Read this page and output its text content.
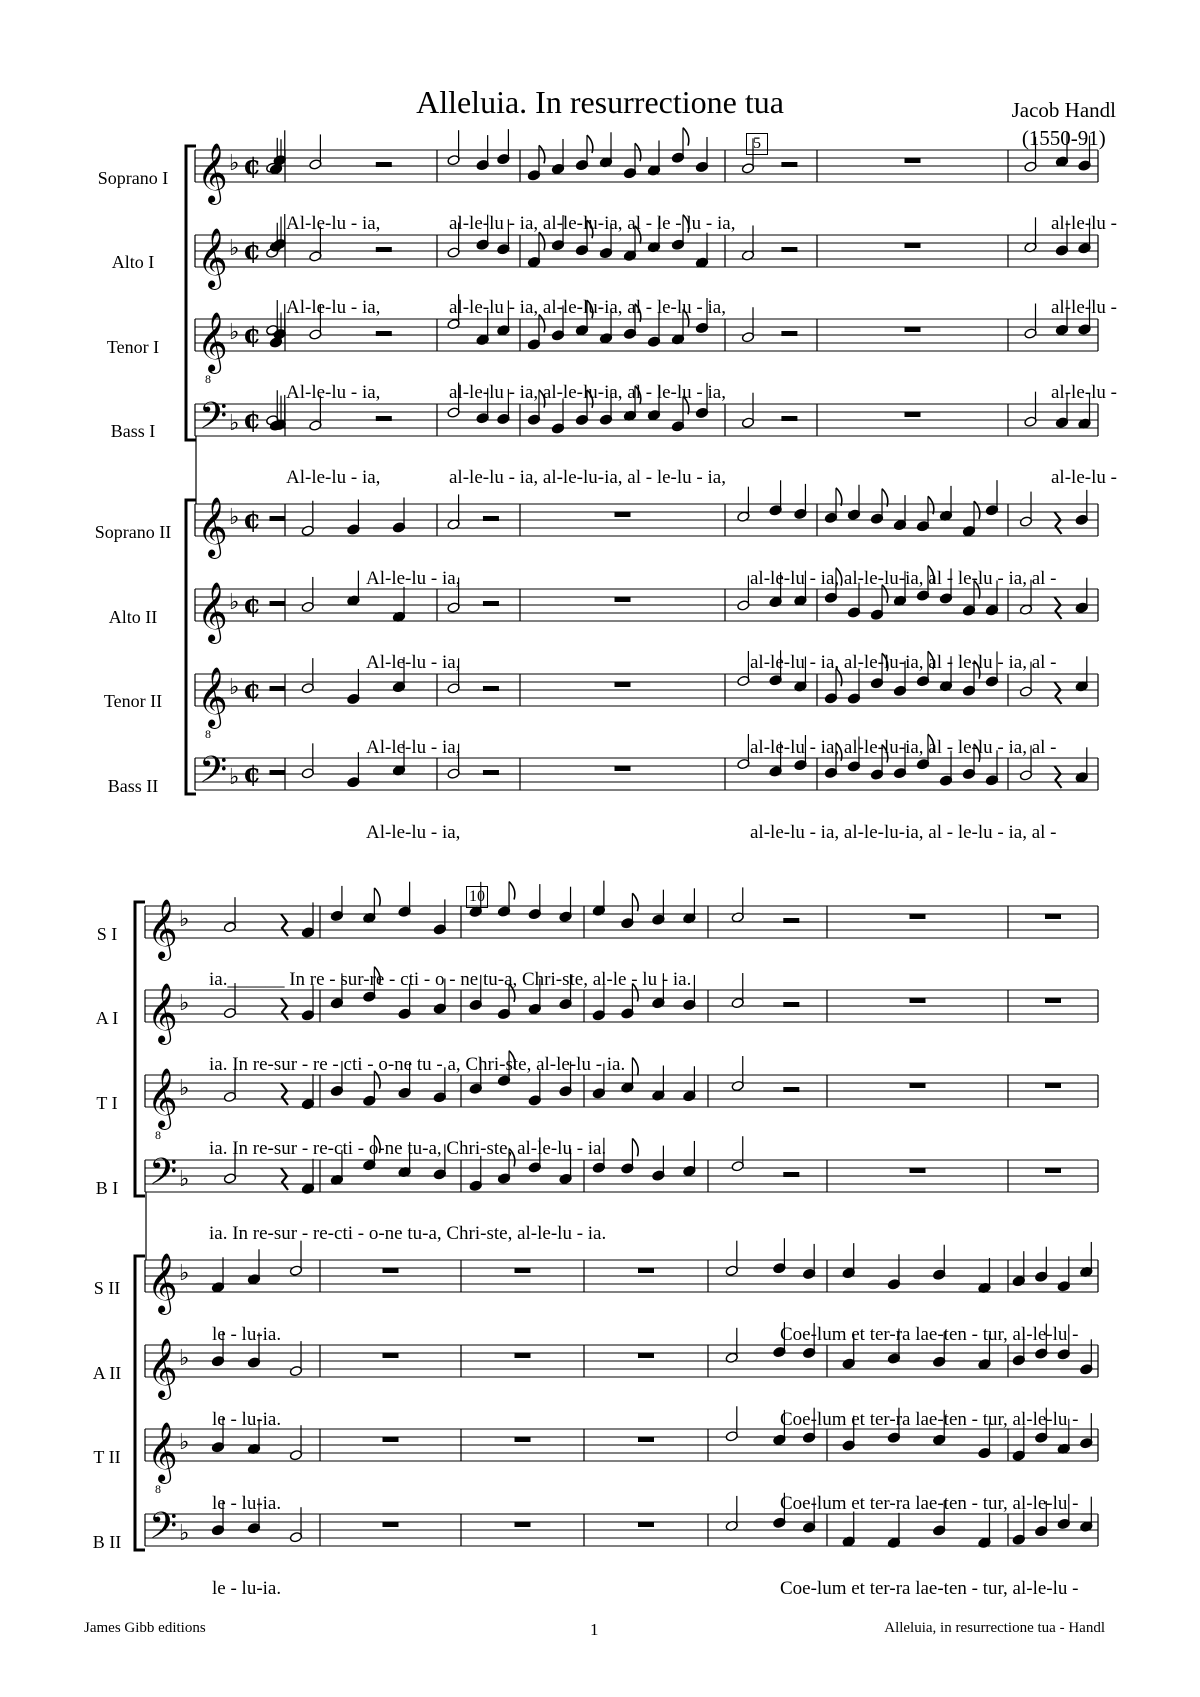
Alleluia. In resurrectione tua	Jacob Handl
(1550-91)
5
Soprano I
Alto I
Tenor I
Bass I
Soprano II
Alto II
Tenor II
Bass II
Al-le-lu - ia,	al-le-lu - ia, al-le-lu-ia, al - le - lu - ia,	al-le-lu -
Al-le-lu - ia,	al-le-lu - ia, al-le-lu-ia, al - le-lu - ia,	al-le-lu -
Al-le-lu - ia,	al-le-lu - ia, al-le-lu-ia, al - le-lu - ia,	al-le-lu -
Al-le-lu - ia,	al-le-lu - ia, al-le-lu-ia, al - le-lu - ia,	al-le-lu -
Al-le-lu - ia,	al-le-lu - ia, al-le-lu-ia, al - le-lu - ia, al -
Al-le-lu - ia,	al-le-lu - ia, al-le-lu-ia, al - le-lu - ia, al -
Al-le-lu - ia,	al-le-lu - ia, al-le-lu-ia, al - le-lu - ia, al -
Al-le-lu - ia,	al-le-lu - ia, al-le-lu-ia, al - le-lu - ia, al -
10
S I
A I
T I
B I
S II
A II
T II
B II
ia.______ In re - sur-re - cti - o - ne tu-a, Chri-ste, al-le - lu - ia.
ia. In re-sur - re - cti - o-ne tu - a, Chri-ste, al-le-lu - ia.
ia. In re-sur - re-cti - o-ne tu-a, Chri-ste, al-le-lu - ia.
ia. In re-sur - re-cti - o-ne tu-a, Chri-ste, al-le-lu - ia.
le - lu-ia.	Coe-lum et ter-ra lae-ten - tur, al-le-lu -
le - lu-ia.	Coe-lum et ter-ra lae-ten - tur, al-le-lu -
le - lu-ia.	Coe-lum et ter-ra lae-ten - tur, al-le-lu -
le - lu-ia.	Coe-lum et ter-ra lae-ten - tur, al-le-lu -
𝄞 ♭ ¢
𝄞 ♭ ¢
𝄞
8
♭ ¢
𝄢 ♭ ¢
𝄞 ♭ ¢
𝄞 ♭ ¢
𝄞
8
♭ ¢
𝄢 ♭ ¢
𝄞 ♭
𝄞 ♭
𝄞
8
♭
𝄢 ♭
𝄞 ♭
𝄞 ♭
𝄞
8
♭
𝄢 ♭
James Gibb editions	1	Alleluia, in resurrectione tua - Handl
